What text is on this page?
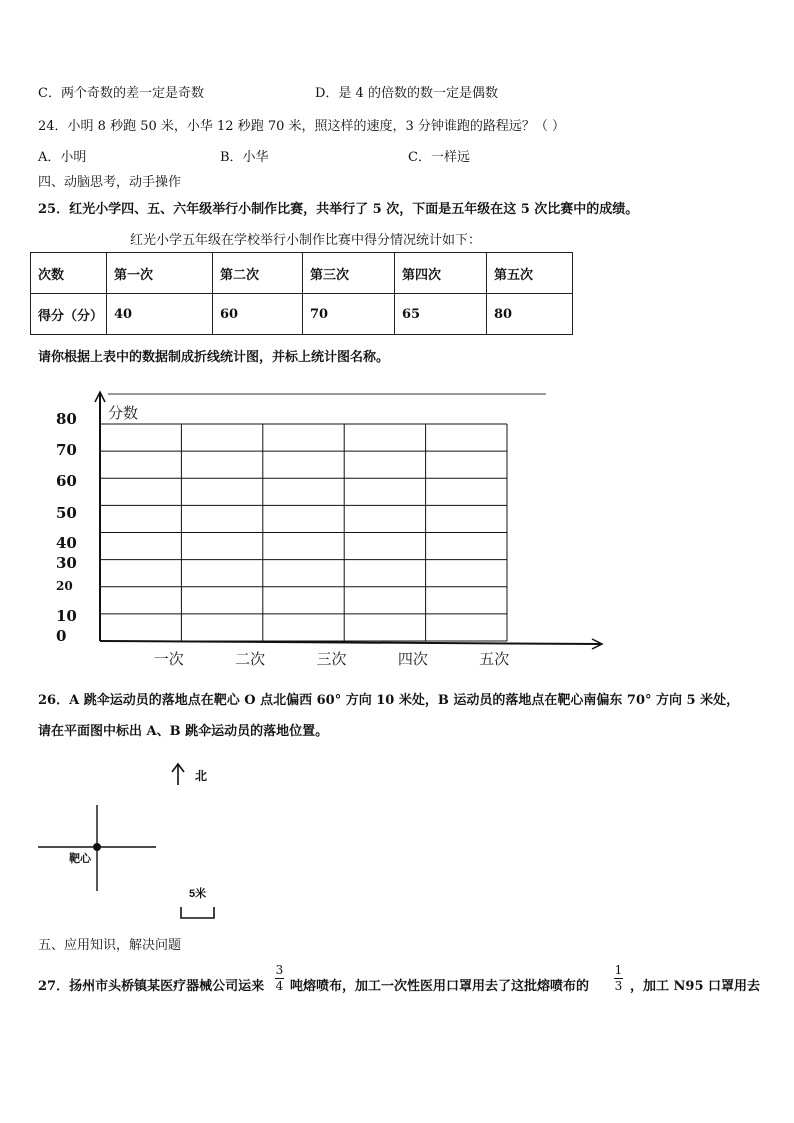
C．两个奇数的差一定是奇数	D．是 4 的倍数的数一定是偶数
24．小明 8 秒跑 50 米，小华 12 秒跑 70 米，照这样的速度，3 分钟谁跑的路程远？（ ）
A．小明	B．小华	C．一样远
四、动脑思考，动手操作
25．红光小学四、五、六年级举行小制作比赛，共举行了 5 次，下面是五年级在这 5 次比赛中的成绩。
红光小学五年级在学校举行小制作比赛中得分情况统计如下：
次数	第一次	第二次	第三次	第四次	第五次
得分（分）	40	60	70	65	80
请你根据上表中的数据制成折线统计图，并标上统计图名称。
分数
80
70
60
50
40
30
20
10
0
一次	二次	三次	四次	五次
26．A 跳伞运动员的落地点在靶心 O 点北偏西 60° 方向 10 米处，B 运动员的落地点在靶心南偏东 70° 方向 5 米处，
请在平面图中标出 A、B 跳伞运动员的落地位置。
北
靶心
5米
五、应用知识，解决问题
27．扬州市头桥镇某医疗器械公司运来
3
4 吨熔喷布，加工一次性医用口罩用去了这批熔喷布的
1
3 ，加工 N95 口罩用去
